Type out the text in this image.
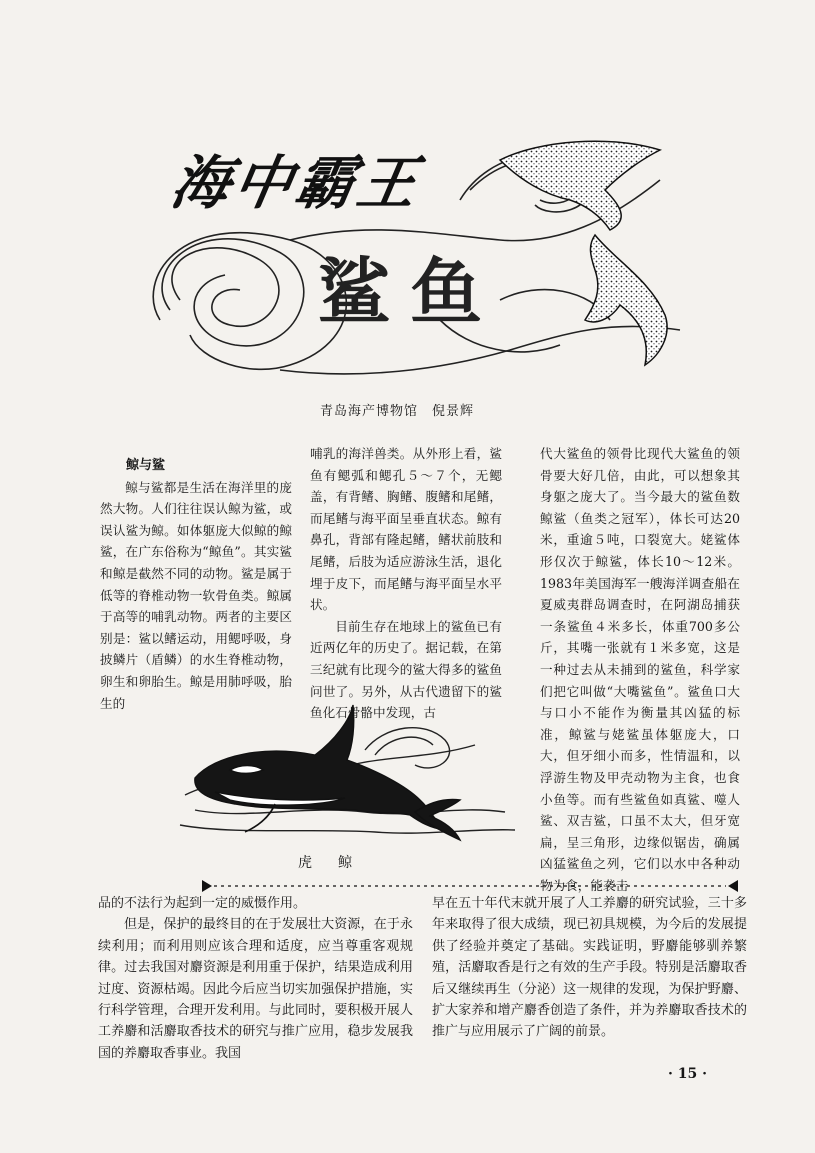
海中霸王
鲨鱼
青岛海产博物馆　倪景辉

鲸与鲨

鲸与鲨都是生活在海洋里的庞然大物。人们往往误认鲸为鲨，或误认鲨为鲸。如体躯庞大似鲸的鲸鲨，在广东俗称为“鲸鱼”。其实鲨和鲸是截然不同的动物。鲨是属于低等的脊椎动物一软骨鱼类。鲸属于高等的哺乳动物。两者的主要区别是：鲨以鳍运动，用鳃呼吸，身披鳞片（盾鳞）的水生脊椎动物，卵生和卵胎生。鲸是用肺呼吸，胎生的

哺乳的海洋兽类。从外形上看，鲨鱼有鳃弧和鳃孔５～７个，无鳃盖，有背鳍、胸鳍、腹鳍和尾鳍，而尾鳍与海平面呈垂直状态。鲸有鼻孔，背部有隆起鳍，鳍状前肢和尾鳍，后肢为适应游泳生活，退化埋于皮下，而尾鳍与海平面呈水平状。

目前生存在地球上的鲨鱼已有近两亿年的历史了。据记载，在第三纪就有比现今的鲨大得多的鲨鱼问世了。另外，从古代遗留下的鲨鱼化石骨骼中发现，古

代大鲨鱼的领骨比现代大鲨鱼的领骨要大好几倍，由此，可以想象其身躯之庞大了。当今最大的鲨鱼数鲸鲨（鱼类之冠军），体长可达20米，重逾５吨，口裂宽大。姥鲨体形仅次于鲸鲨，体长10～12米。1983年美国海军一艘海洋调查船在夏威夷群岛调查时，在阿湖岛捕获一条鲨鱼４米多长，体重700多公斤，其嘴一张就有１米多宽，这是一种过去从未捕到的鲨鱼，科学家们把它叫做“大嘴鲨鱼”。鲨鱼口大与口小不能作为衡量其凶猛的标准，鲸鲨与姥鲨虽体躯庞大，口大，但牙细小而多，性情温和，以浮游生物及甲壳动物为主食，也食小鱼等。而有些鲨鱼如真鲨、噬人鲨、双吉鲨，口虽不太大，但牙宽扁，呈三角形，边缘似锯齿，确属凶猛鲨鱼之列，它们以水中各种动物为食，能袭击

虎鲸

品的不法行为起到一定的威慑作用。

但是，保护的最终目的在于发展壮大资源，在于永续利用；而利用则应该合理和适度，应当尊重客观规律。过去我国对麝资源是利用重于保护，结果造成利用过度、资源枯竭。因此今后应当切实加强保护措施，实行科学管理，合理开发利用。与此同时，要积极开展人工养麝和活麝取香技术的研究与推广应用，稳步发展我国的养麝取香事业。我国

早在五十年代末就开展了人工养麝的研究试验，三十多年来取得了很大成绩，现已初具规模，为今后的发展提供了经验并奠定了基础。实践证明，野麝能够驯养繁殖，活麝取香是行之有效的生产手段。特别是活麝取香后又继续再生（分泌）这一规律的发现，为保护野麝、扩大家养和增产麝香创造了条件，并为养麝取香技术的推广与应用展示了广阔的前景。

· 15 ·
